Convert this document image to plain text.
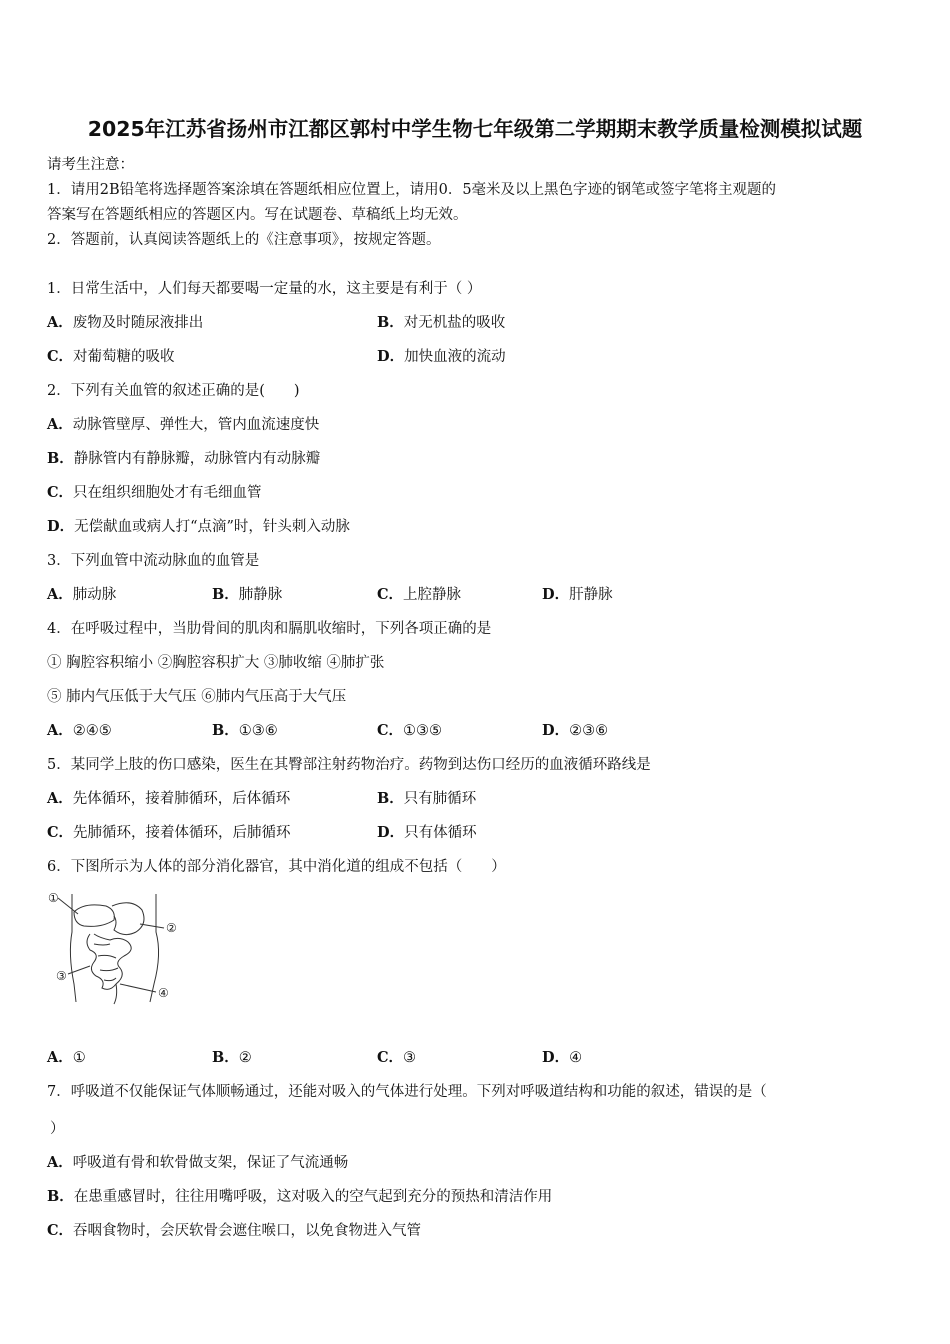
2025年江苏省扬州市江都区郭村中学生物七年级第二学期期末教学质量检测模拟试题
请考生注意：
1．请用2B铅笔将选择题答案涂填在答题纸相应位置上，请用0．5毫米及以上黑色字迹的钢笔或签字笔将主观题的
答案写在答题纸相应的答题区内。写在试题卷、草稿纸上均无效。
2．答题前，认真阅读答题纸上的《注意事项》，按规定答题。
1．日常生活中，人们每天都要喝一定量的水，这主要是有利于（ ）
A．废物及时随尿液排出	B．对无机盐的吸收
C．对葡萄糖的吸收	D．加快血液的流动
2．下列有关血管的叙述正确的是(　　)
A．动脉管壁厚、弹性大，管内血流速度快
B．静脉管内有静脉瓣，动脉管内有动脉瓣
C．只在组织细胞处才有毛细血管
D．无偿献血或病人打“点滴”时，针头刺入动脉
3．下列血管中流动脉血的血管是
A．肺动脉	B．肺静脉	C．上腔静脉	D．肝静脉
4．在呼吸过程中，当肋骨间的肌肉和膈肌收缩时，下列各项正确的是
① 胸腔容积缩小 ②胸腔容积扩大 ③肺收缩 ④肺扩张
⑤ 肺内气压低于大气压 ⑥肺内气压高于大气压
A．②④⑤	B．①③⑥	C．①③⑤	D．②③⑥
5．某同学上肢的伤口感染，医生在其臀部注射药物治疗。药物到达伤口经历的血液循环路线是
A．先体循环，接着肺循环，后体循环	B．只有肺循环
C．先肺循环，接着体循环，后肺循环	D．只有体循环
6．下图所示为人体的部分消化器官，其中消化道的组成不包括（　　）
①
②
③
④
A．①	B．②	C．③	D．④
7．呼吸道不仅能保证气体顺畅通过，还能对吸入的气体进行处理。下列对呼吸道结构和功能的叙述，错误的是（
）
A．呼吸道有骨和软骨做支架，保证了气流通畅
B．在患重感冒时，往往用嘴呼吸，这对吸入的空气起到充分的预热和清洁作用
C．吞咽食物时，会厌软骨会遮住喉口，以免食物进入气管
